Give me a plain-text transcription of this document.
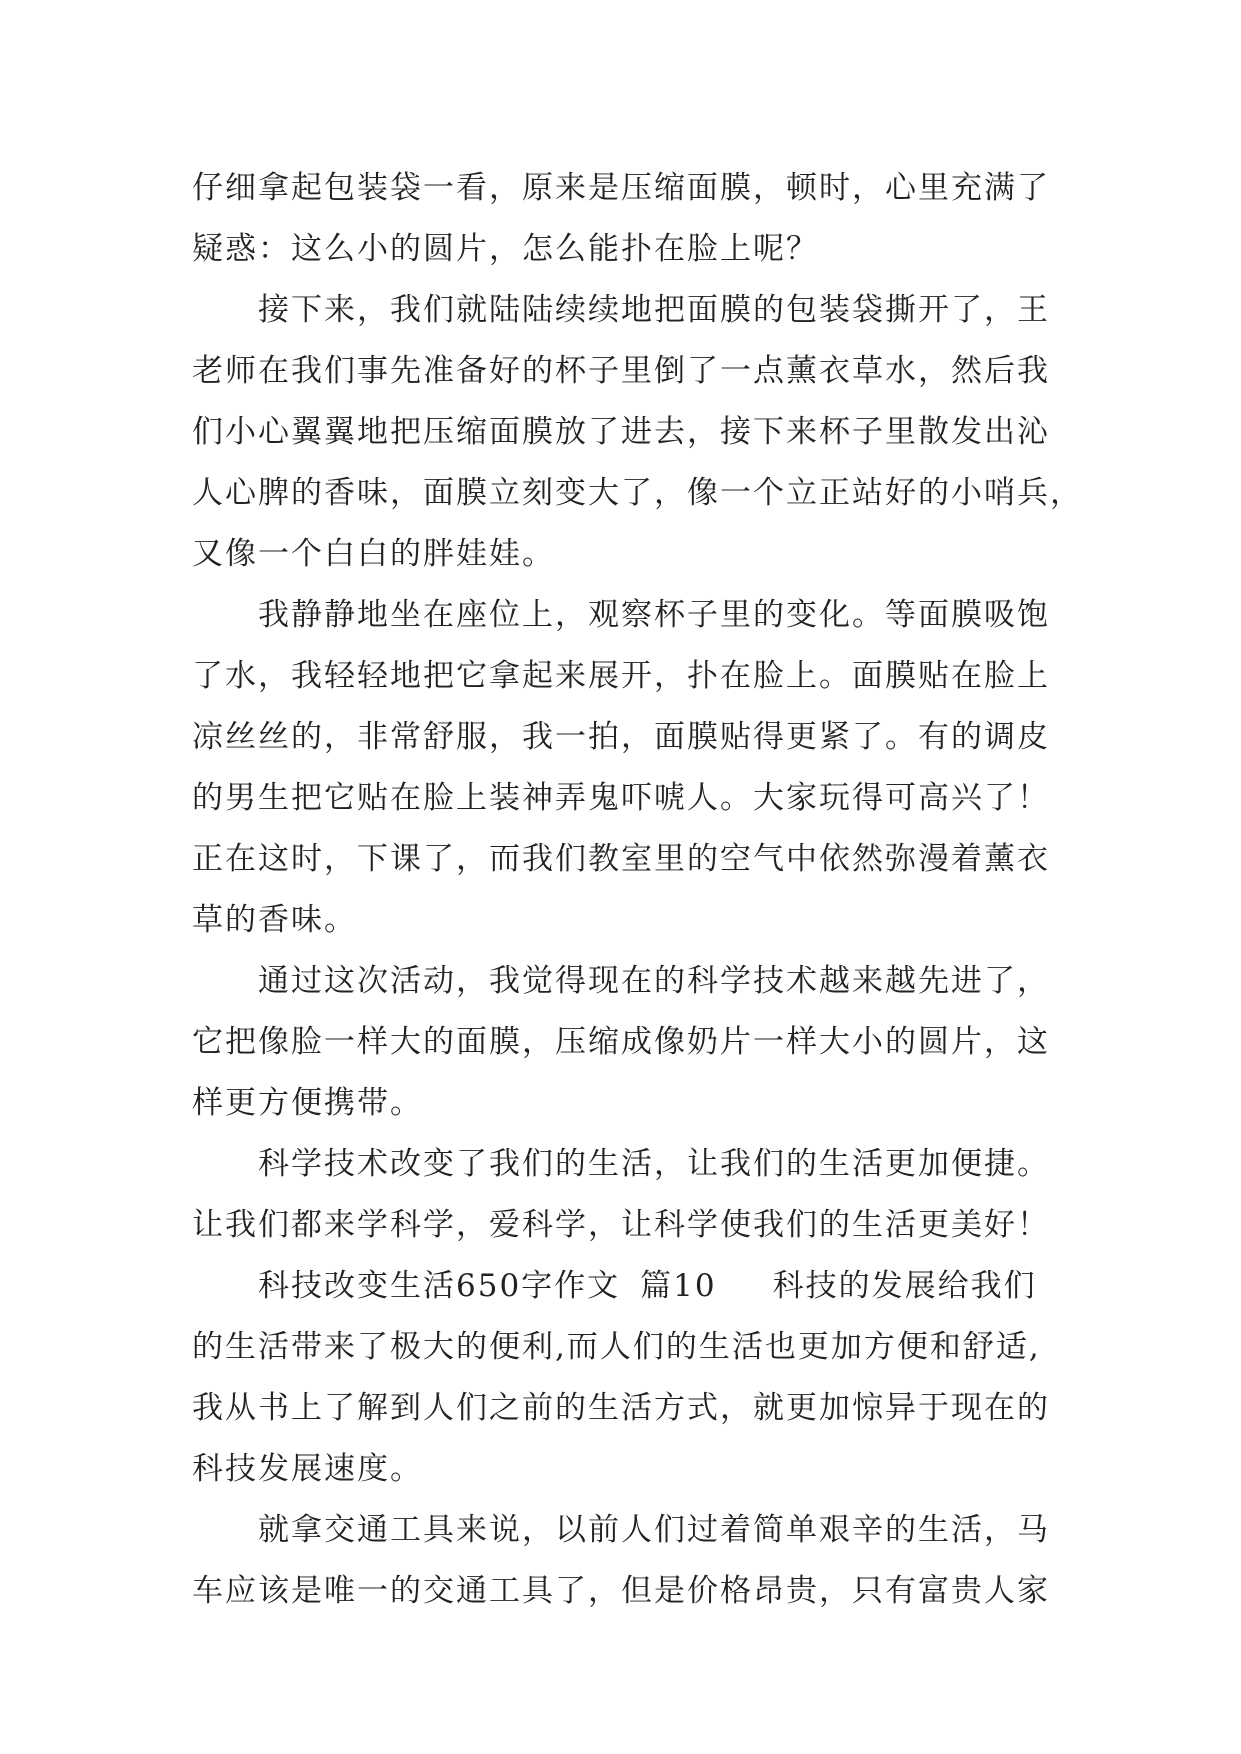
仔细拿起包装袋一看，原来是压缩面膜，顿时，心里充满了
疑惑：这么小的圆片，怎么能扑在脸上呢？
　　接下来，我们就陆陆续续地把面膜的包装袋撕开了，王
老师在我们事先准备好的杯子里倒了一点薰衣草水，然后我
们小心翼翼地把压缩面膜放了进去，接下来杯子里散发出沁
人心脾的香味，面膜立刻变大了，像一个立正站好的小哨兵，
又像一个白白的胖娃娃。
　　我静静地坐在座位上，观察杯子里的变化。等面膜吸饱
了水，我轻轻地把它拿起来展开，扑在脸上。面膜贴在脸上
凉丝丝的，非常舒服，我一拍，面膜贴得更紧了。有的调皮
的男生把它贴在脸上装神弄鬼吓唬人。大家玩得可高兴了！
正在这时，下课了，而我们教室里的空气中依然弥漫着薰衣
草的香味。
　　通过这次活动，我觉得现在的科学技术越来越先进了，
它把像脸一样大的面膜，压缩成像奶片一样大小的圆片，这
样更方便携带。
　　科学技术改变了我们的生活，让我们的生活更加便捷。
让我们都来学科学，爱科学，让科学使我们的生活更美好！
　　科技改变生活650字作文 篇10 科技的发展给我们
的生活带来了极大的便利,而人们的生活也更加方便和舒适,
我从书上了解到人们之前的生活方式，就更加惊异于现在的
科技发展速度。
　　就拿交通工具来说，以前人们过着简单艰辛的生活，马
车应该是唯一的交通工具了，但是价格昂贵，只有富贵人家
